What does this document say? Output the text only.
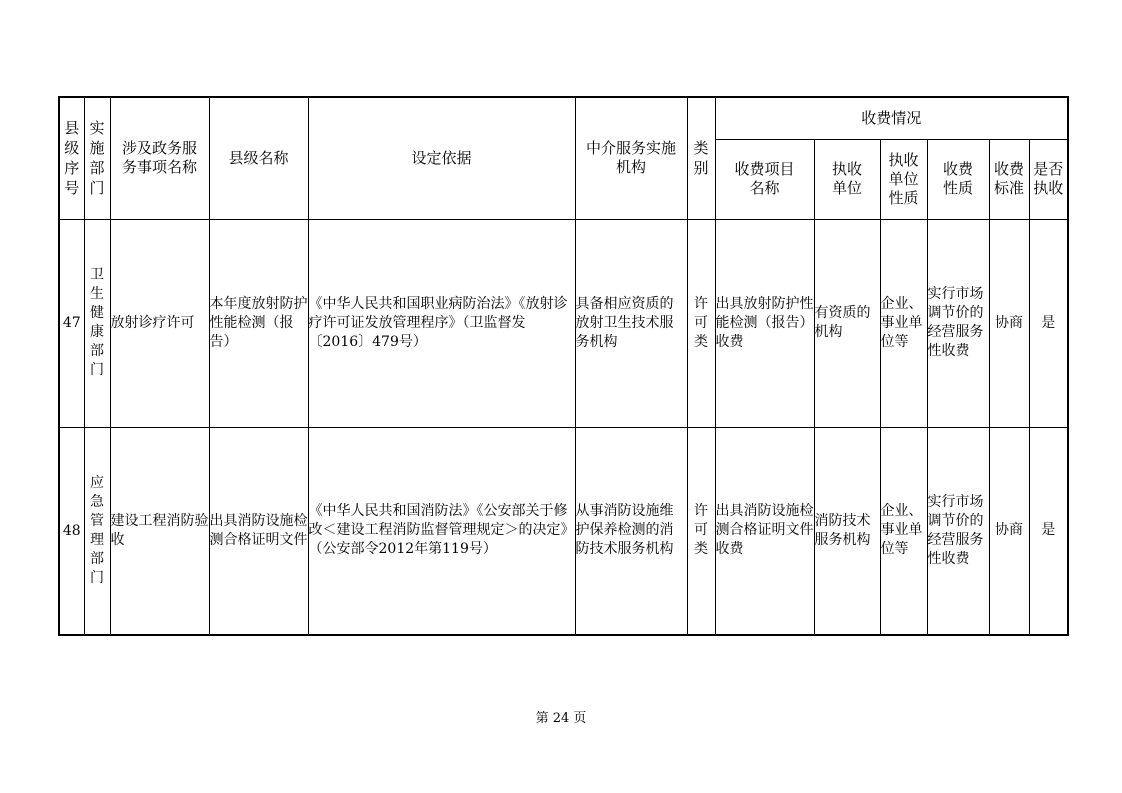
县级序号	实施部门	涉及政务服务事项名称	县级名称	设定依据	中介服务实施机构	类别	收费情况					

							收费项目名称	执收单位	执收单位性质	收费性质	收费标准	是否执收

47	卫生健康部门	放射诊疗许可	本年度放射防护性能检测（报告）	《中华人民共和国职业病防治法》《放射诊疗许可证发放管理程序》（卫监督发〔2016〕479号）	具备相应资质的放射卫生技术服务机构	许可类	出具放射防护性能检测（报告）收费	有资质的机构	企业、事业单位等	实行市场调节价的经营服务性收费	协商	是
48	应急管理部门	建设工程消防验收	出具消防设施检测合格证明文件	《中华人民共和国消防法》《公安部关于修改＜建设工程消防监督管理规定＞的决定》（公安部令2012年第119号）	从事消防设施维护保养检测的消防技术服务机构	许可类	出具消防设施检测合格证明文件收费	消防技术服务机构	企业、事业单位等	实行市场调节价的经营服务性收费	协商	是
第 24 页
